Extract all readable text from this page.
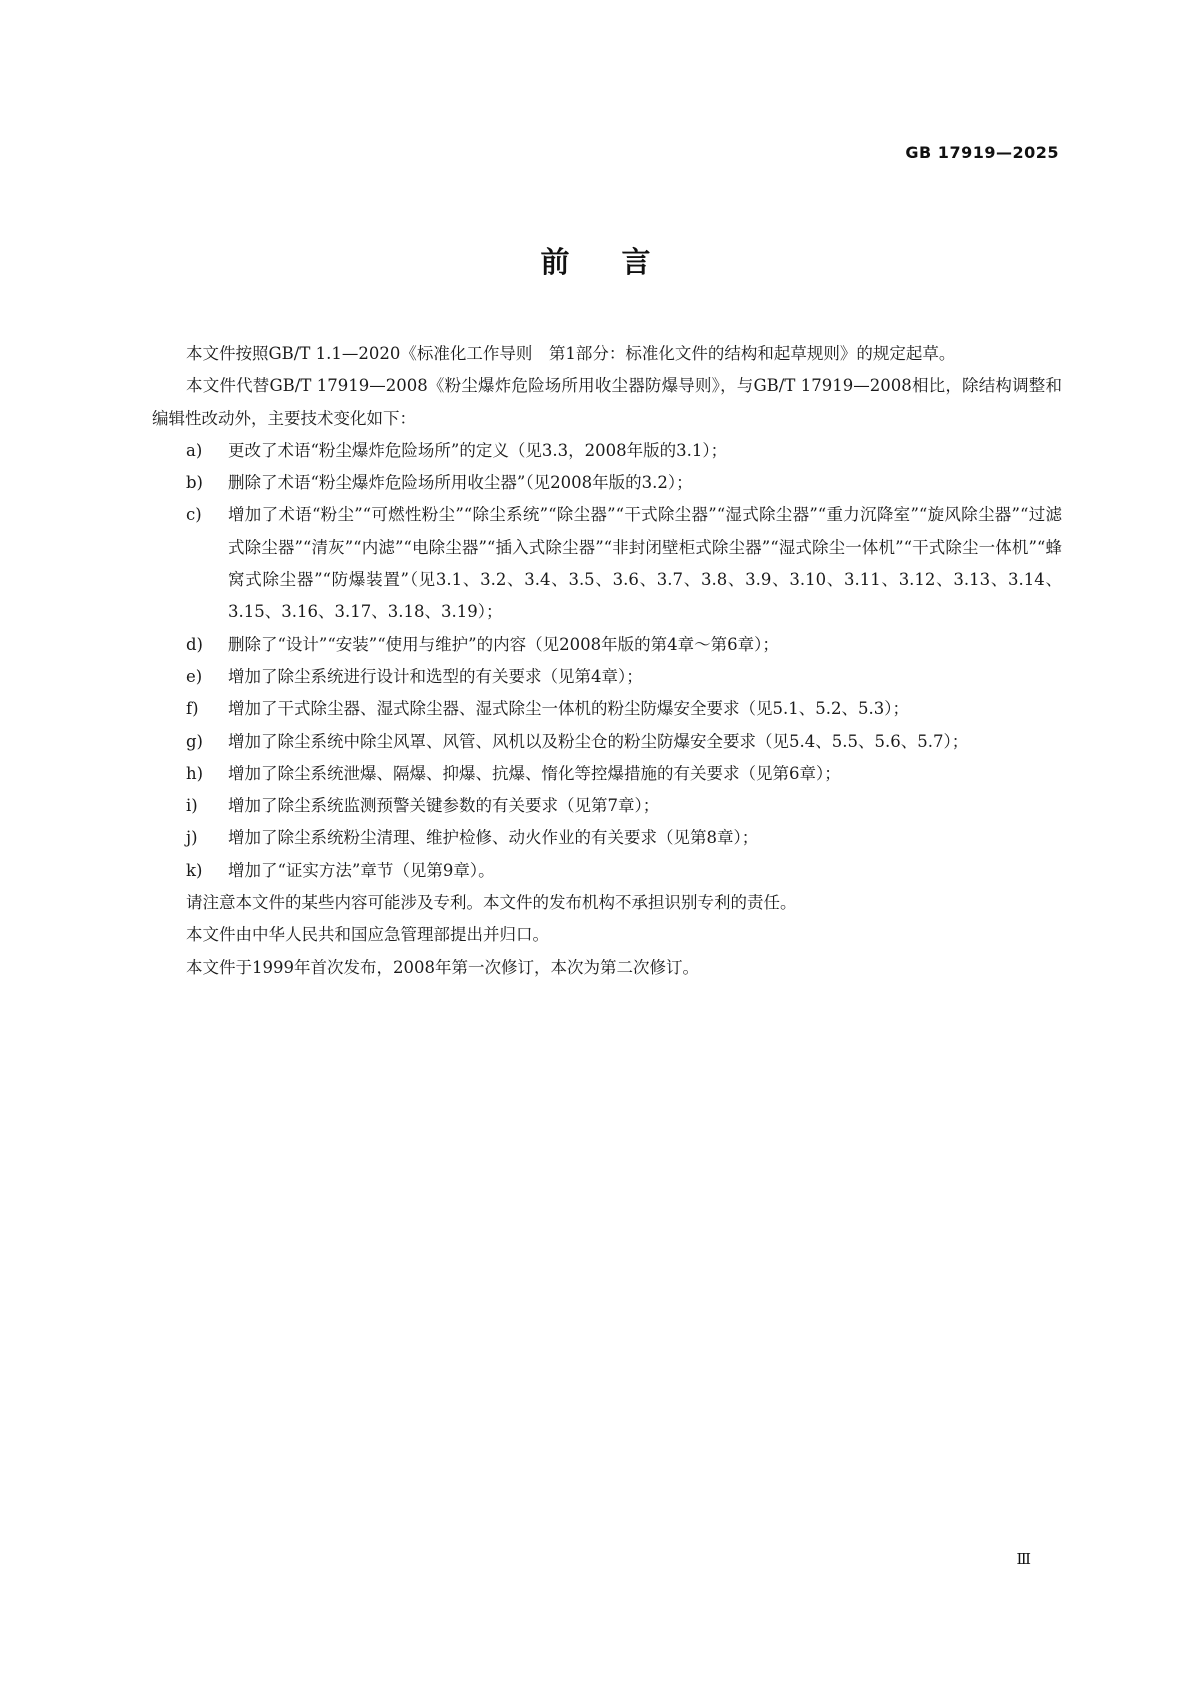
GB 17919—2025
前言

本文件按照GB/T 1.1—2020《标准化工作导则　第1部分：标准化文件的结构和起草规则》的规定起草。

本文件代替GB/T 17919—2008《粉尘爆炸危险场所用收尘器防爆导则》，与GB/T 17919—2008相比，除结构调整和编辑性改动外，主要技术变化如下：

a)	更改了术语“粉尘爆炸危险场所”的定义（见3.3，2008年版的3.1）；
b)	删除了术语“粉尘爆炸危险场所用收尘器”（见2008年版的3.2）；
c)	增加了术语“粉尘”“可燃性粉尘”“除尘系统”“除尘器”“干式除尘器”“湿式除尘器”“重力沉降室”“旋风除尘器”“过滤式除尘器”“清灰”“内滤”“电除尘器”“插入式除尘器”“非封闭壁柜式除尘器”“湿式除尘一体机”“干式除尘一体机”“蜂窝式除尘器”“防爆装置”（见3.1、3.2、3.4、3.5、3.6、3.7、3.8、3.9、3.10、3.11、3.12、3.13、3.14、3.15、3.16、3.17、3.18、3.19）；
d)	删除了“设计”“安装”“使用与维护”的内容（见2008年版的第4章～第6章）；
e)	增加了除尘系统进行设计和选型的有关要求（见第4章）；
f)	增加了干式除尘器、湿式除尘器、湿式除尘一体机的粉尘防爆安全要求（见5.1、5.2、5.3）；
g)	增加了除尘系统中除尘风罩、风管、风机以及粉尘仓的粉尘防爆安全要求（见5.4、5.5、5.6、5.7）；
h)	增加了除尘系统泄爆、隔爆、抑爆、抗爆、惰化等控爆措施的有关要求（见第6章）；
i)	增加了除尘系统监测预警关键参数的有关要求（见第7章）；
j)	增加了除尘系统粉尘清理、维护检修、动火作业的有关要求（见第8章）；
k)	增加了“证实方法”章节（见第9章）。

请注意本文件的某些内容可能涉及专利。本文件的发布机构不承担识别专利的责任。

本文件由中华人民共和国应急管理部提出并归口。

本文件于1999年首次发布，2008年第一次修订，本次为第二次修订。

Ⅲ
